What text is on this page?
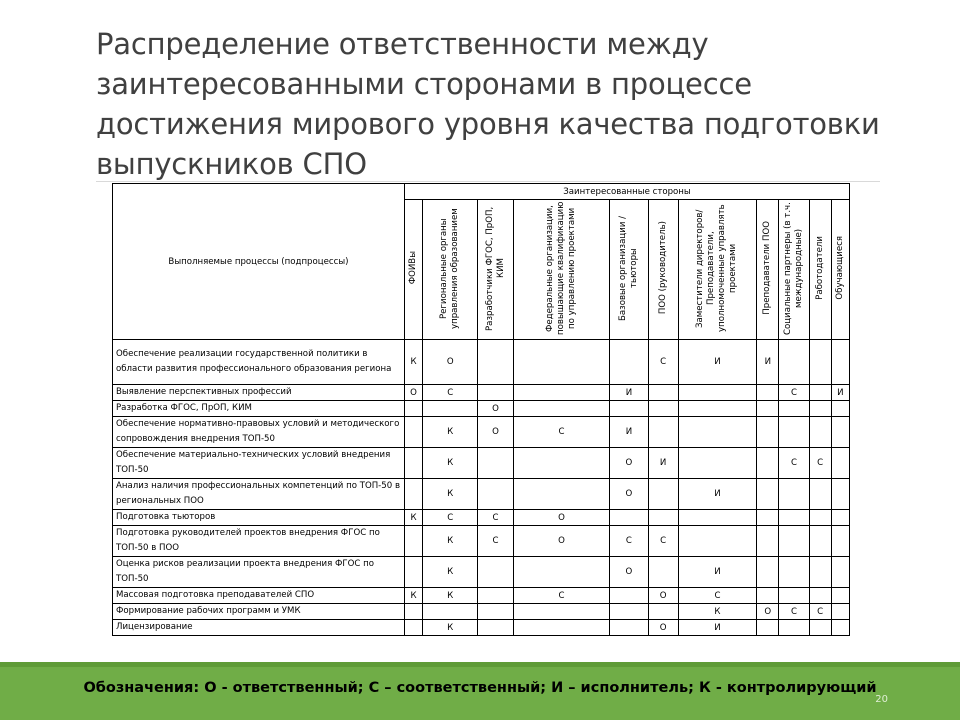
Распределение ответственности между
заинтересованными сторонами в процессе
достижения мирового уровня качества подготовки
выпускников СПО
Выполняемые процессы (подпроцессы)	Заинтересованные стороны										
	ФОИВы	Региональные органы управления образованием	Разработчики ФГОС, ПрОП, КИМ	Федеральные организации, повышающие квалификацию по управлению проектами	Базовые организации / тьюторы	ПОО (руководитель)	Заместители директоров/ Преподаватели, уполномоченные управлять проектами	Преподаватели ПОО	Социальные партнеры (в т.ч. международные)	Работодатели	Обучающиеся
Обеспечение реализации государственной политики в области развития профессионального образования региона	К	О				С	И	И			
Выявление перспективных профессий	О	С			И				С		И
Разработка ФГОС, ПрОП, КИМ			О								
Обеспечение нормативно-правовых условий и методического сопровождения внедрения ТОП-50		К	О	С	И						
Обеспечение материально-технических условий внедрения ТОП-50		К			О	И			С	С	
Анализ наличия профессиональных компетенций по ТОП-50 в региональных ПОО		К			О		И				
Подготовка тьюторов	К	С	С	О							
Подготовка руководителей проектов внедрения ФГОС по ТОП-50 в ПОО		К	С	О	С	С					
Оценка рисков реализации проекта внедрения ФГОС по ТОП-50		К			О		И				
Массовая подготовка преподавателей СПО	К	К		С		О	С				
Формирование рабочих программ и УМК							К	О	С	С	
Лицензирование		К				О	И				
Обозначения: О - ответственный; С – соответственный; И – исполнитель; К - контролирующий
20
